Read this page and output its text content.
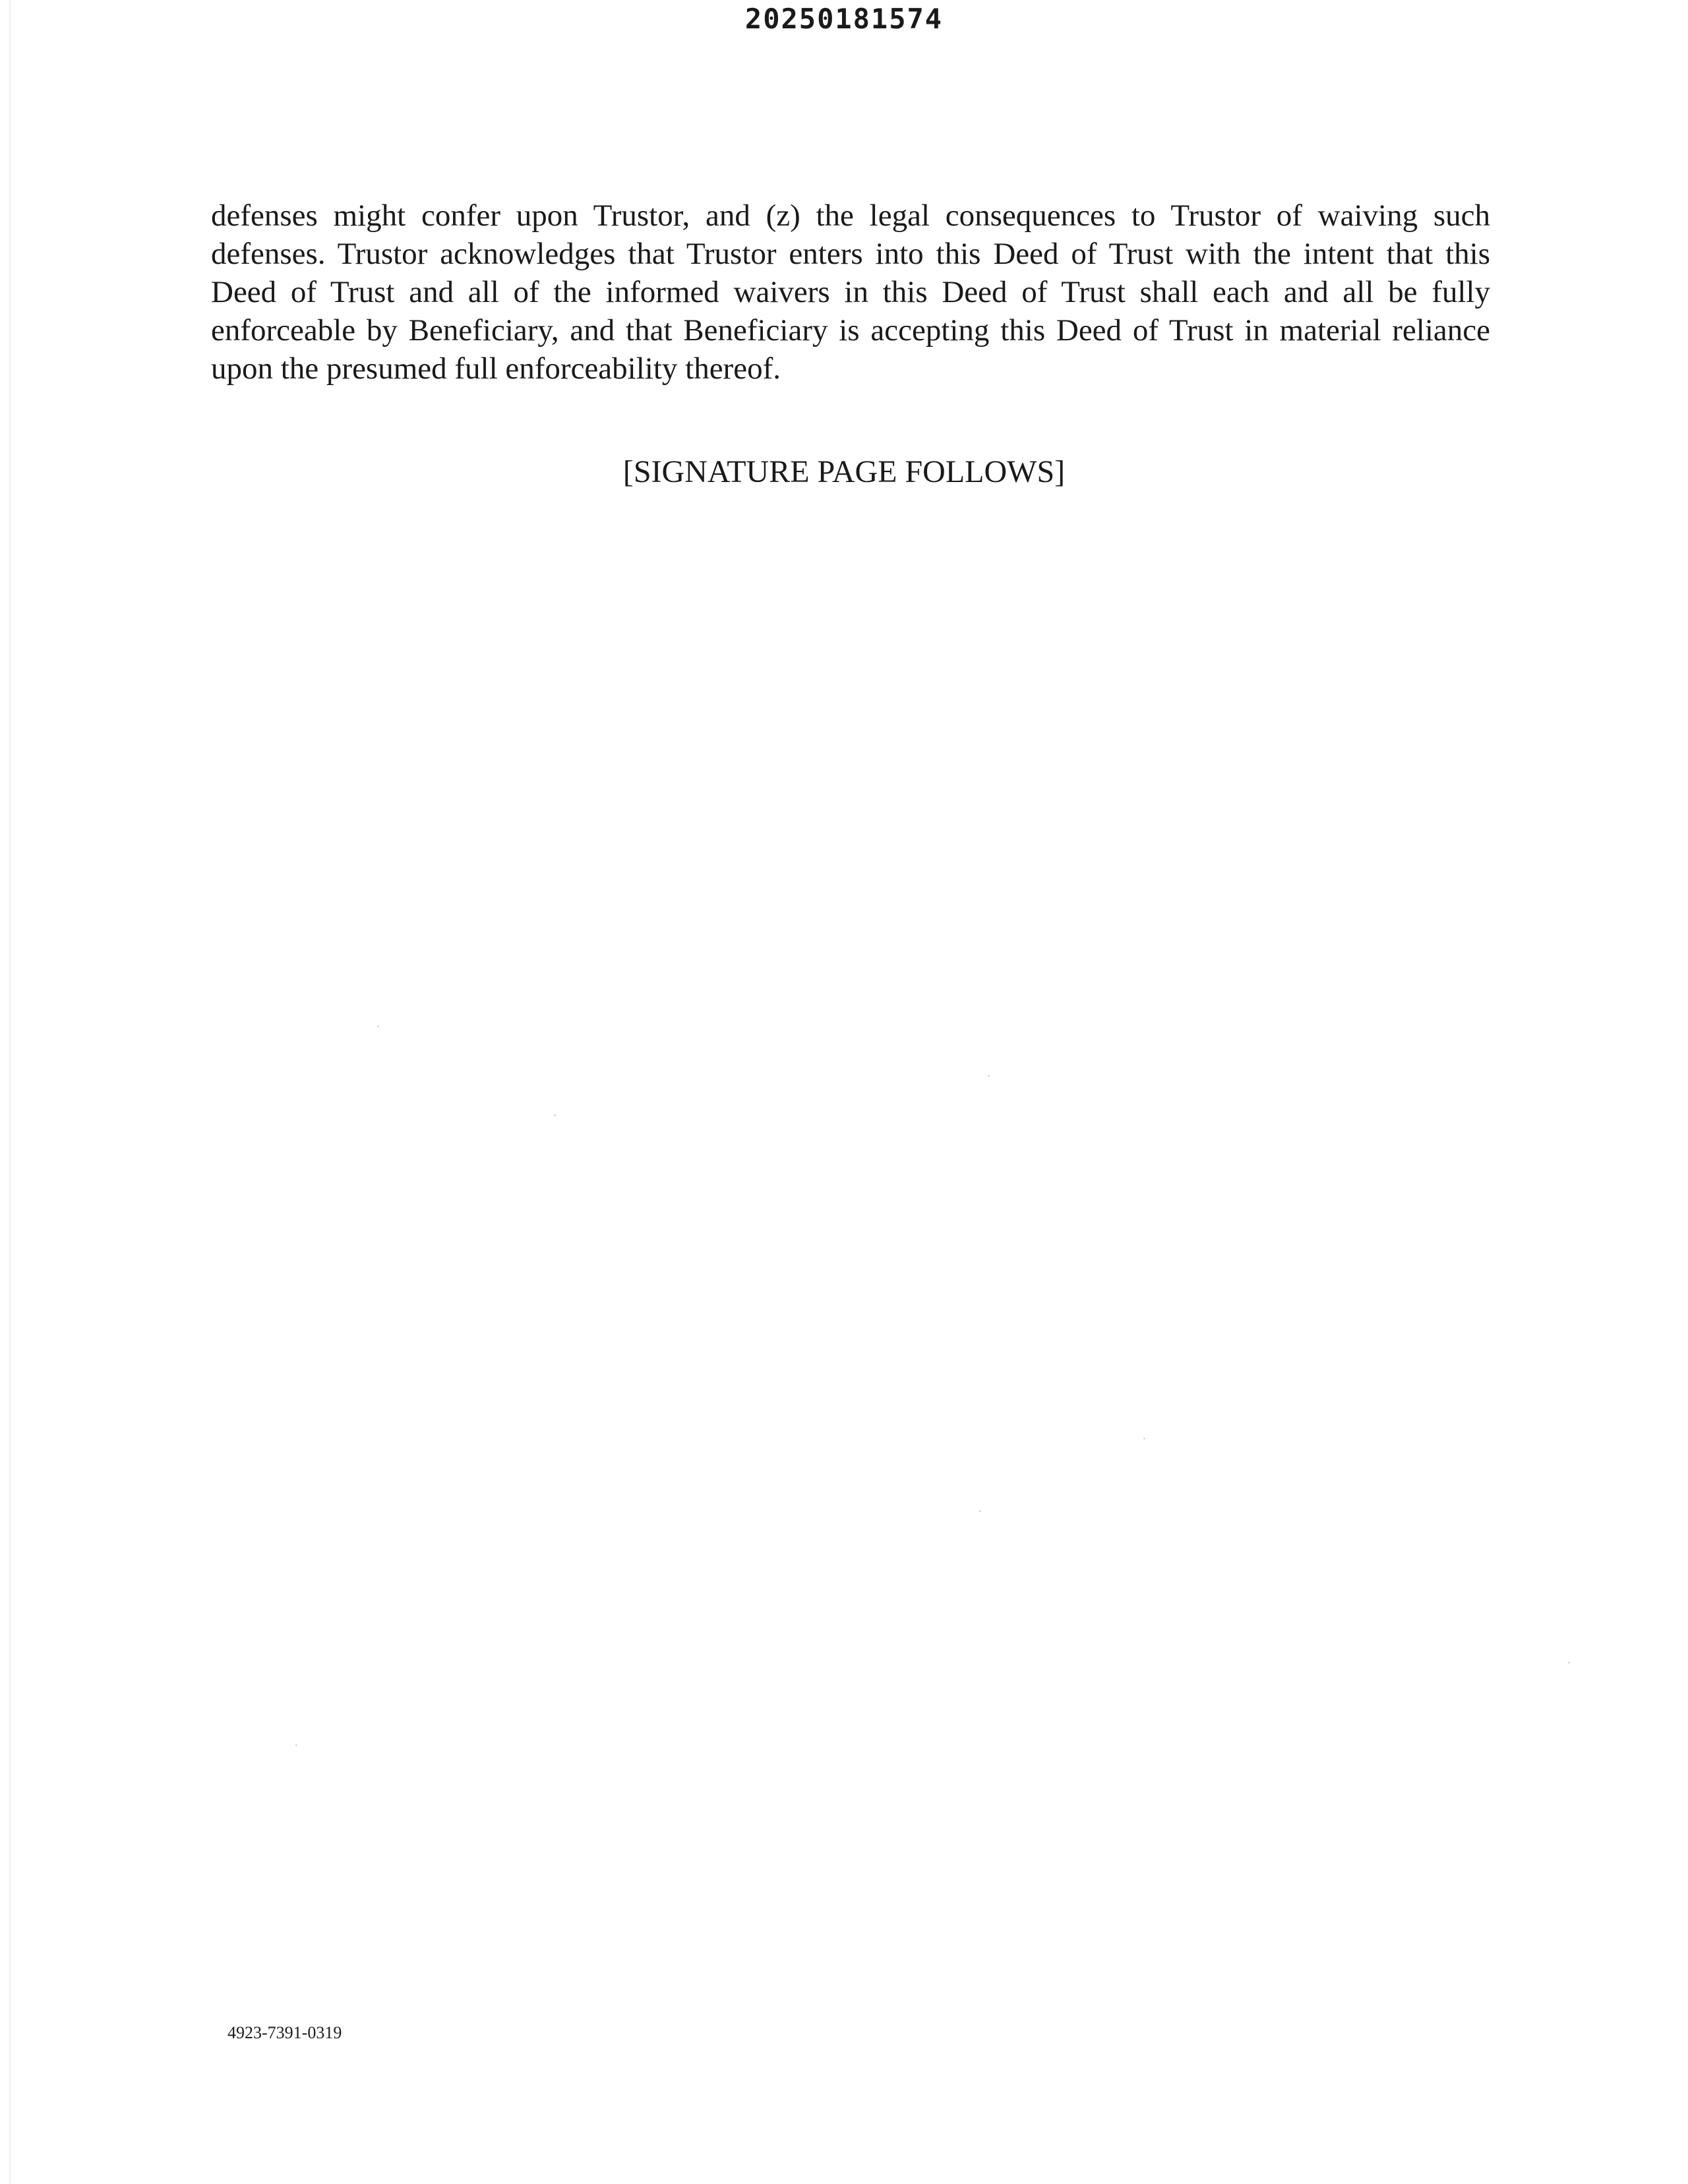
20250181574

defenses might confer upon Trustor, and (z) the legal consequences to Trustor of waiving such defenses. Trustor acknowledges that Trustor enters into this Deed of Trust with the intent that this Deed of Trust and all of the informed waivers in this Deed of Trust shall each and all be fully enforceable by Beneficiary, and that Beneficiary is accepting this Deed of Trust in material reliance upon the presumed full enforceability thereof.

[SIGNATURE PAGE FOLLOWS]
4923-7391-0319
